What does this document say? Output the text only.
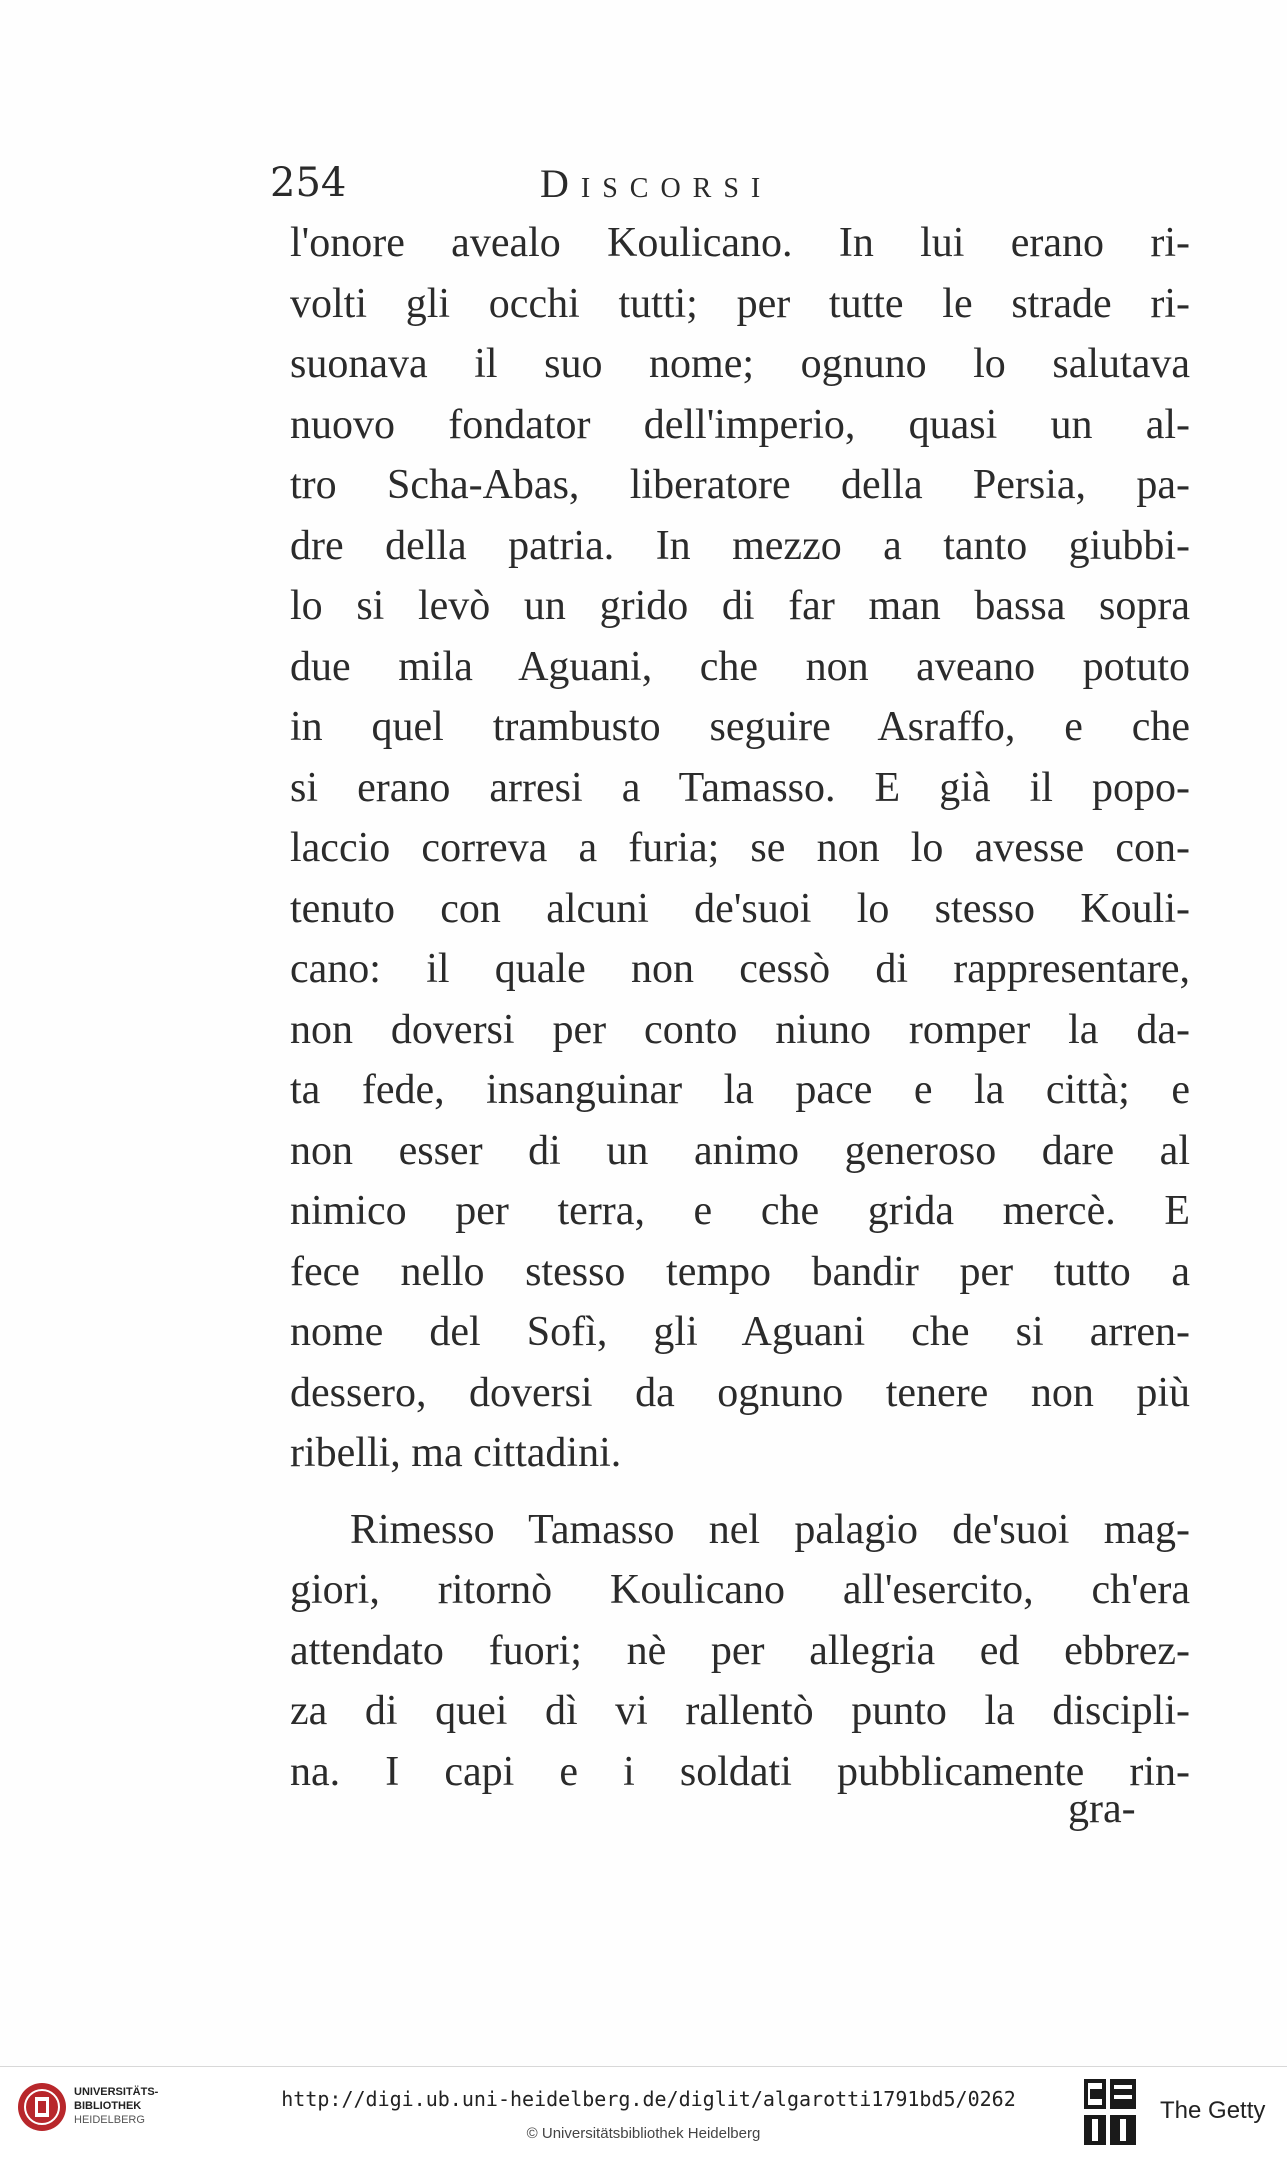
254	Discorsi
l'onore avealo Koulicano. In lui erano ri-
volti gli occhi tutti; per tutte le strade ri-
suonava il suo nome; ognuno lo salutava
nuovo fondator dell'imperio, quasi un al-
tro Scha-Abas, liberatore della Persia, pa-
dre della patria. In mezzo a tanto giubbi-
lo si levò un grido di far man bassa sopra
due mila Aguani, che non aveano potuto
in quel trambusto seguire Asraffo, e che
si erano arresi a Tamasso. E già il popo-
laccio correva a furia; se non lo avesse con-
tenuto con alcuni de'suoi lo stesso Kouli-
cano: il quale non cessò di rappresentare,
non doversi per conto niuno romper la da-
ta fede, insanguinar la pace e la città; e
non esser di un animo generoso dare al
nimico per terra, e che grida mercè. E
fece nello stesso tempo bandir per tutto a
nome del Sofì, gli Aguani che si arren-
dessero, doversi da ognuno tenere non più
ribelli, ma cittadini.
Rimesso Tamasso nel palagio de'suoi mag-
giori, ritornò Koulicano all'esercito, ch'era
attendato fuori; nè per allegria ed ebbrez-
za di quei dì vi rallentò punto la discipli-
na. I capi e i soldati pubblicamente rin-
gra-
UNIVERSITÄTS-
BIBLIOTHEK
HEIDELBERG
http://digi.ub.uni-heidelberg.de/diglit/algarotti1791bd5/0262
© Universitätsbibliothek Heidelberg
The Getty
